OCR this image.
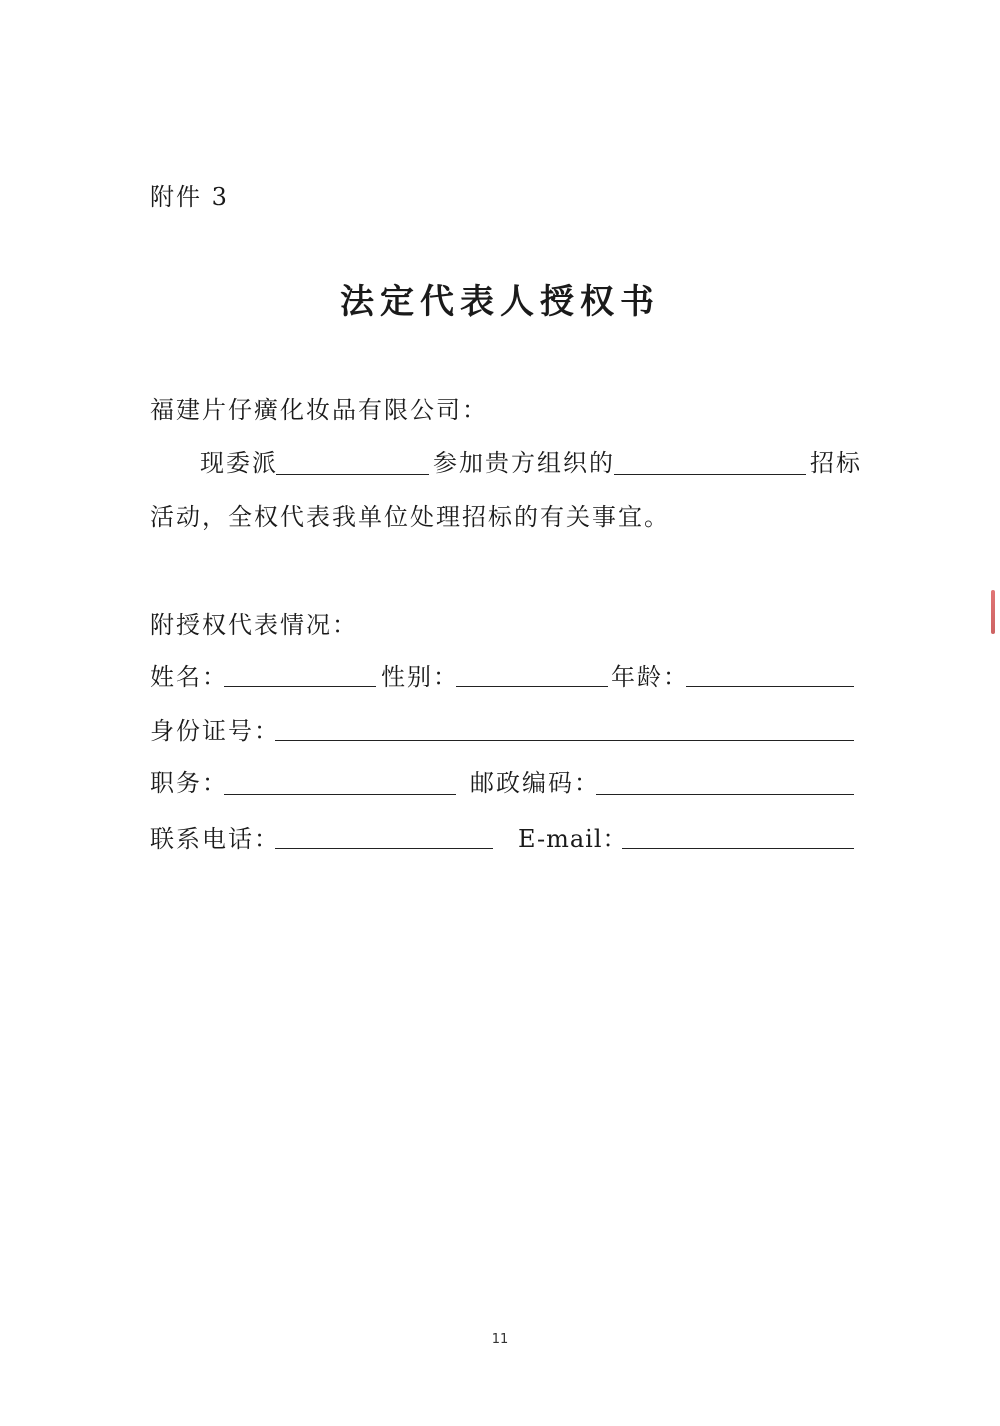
附件 3
法定代表人授权书
福建片仔癀化妆品有限公司：
现委派	参加贵方组织的	招标
活动，全权代表我单位处理招标的有关事宜。
附授权代表情况：
姓名：	性别：	年龄：
身份证号：
职务：	邮政编码：
联系电话：	E-mail：
11
